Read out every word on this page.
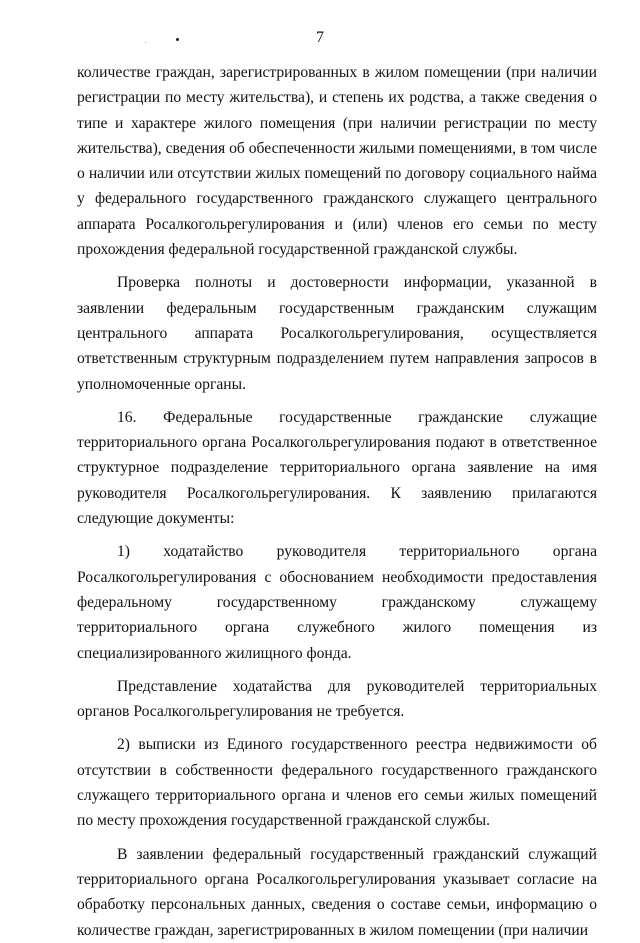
7

количестве граждан, зарегистрированных в жилом помещении (при наличии регистрации по месту жительства), и степень их родства, а также сведения о типе и характере жилого помещения (при наличии регистрации по месту жительства), сведения об обеспеченности жилыми помещениями, в том числе о наличии или отсутствии жилых помещений по договору социального найма у федерального государственного гражданского служащего центрального аппарата Росалкогольрегулирования и (или) членов его семьи по месту прохождения федеральной государственной гражданской службы.

Проверка полноты и достоверности информации, указанной в заявлении федеральным государственным гражданским служащим центрального аппарата Росалкогольрегулирования, осуществляется ответственным структурным подразделением путем направления запросов в уполномоченные органы.

16. Федеральные государственные гражданские служащие территориального органа Росалкогольрегулирования подают в ответственное структурное подразделение территориального органа заявление на имя руководителя Росалкогольрегулирования. К заявлению прилагаются следующие документы:

1) ходатайство руководителя территориального органа Росалкогольрегулирования с обоснованием необходимости предоставления федеральному государственному гражданскому служащему территориального органа служебного жилого помещения из специализированного жилищного фонда.

Представление ходатайства для руководителей территориальных органов Росалкогольрегулирования не требуется.

2) выписки из Единого государственного реестра недвижимости об отсутствии в собственности федерального государственного гражданского служащего территориального органа и членов его семьи жилых помещений по месту прохождения государственной гражданской службы.

В заявлении федеральный государственный гражданский служащий территориального органа Росалкогольрегулирования указывает согласие на обработку персональных данных, сведения о составе семьи, информацию о количестве граждан, зарегистрированных в жилом помещении (при наличии
